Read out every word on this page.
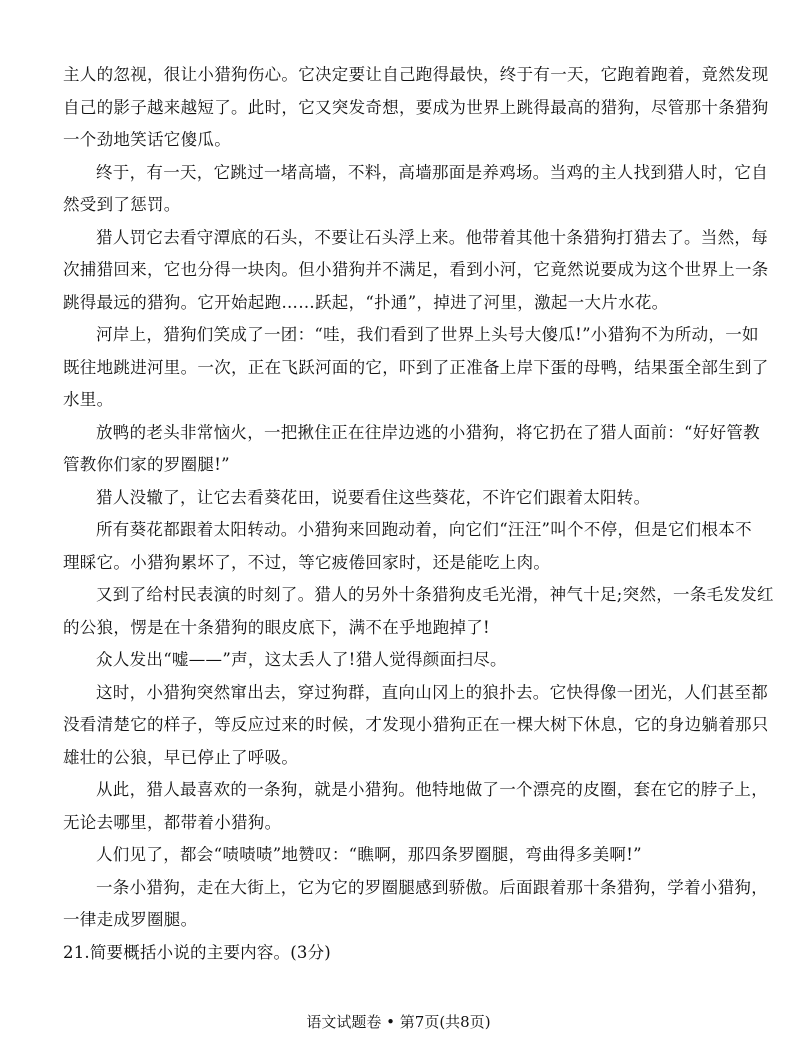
主人的忽视，很让小猎狗伤心。它决定要让自己跑得最快，终于有一天，它跑着跑着，竟然发现
自己的影子越来越短了。此时，它又突发奇想，要成为世界上跳得最高的猎狗，尽管那十条猎狗
一个劲地笑话它傻瓜。

终于，有一天，它跳过一堵高墙，不料，高墙那面是养鸡场。当鸡的主人找到猎人时，它自
然受到了惩罚。

猎人罚它去看守潭底的石头，不要让石头浮上来。他带着其他十条猎狗打猎去了。当然，每
次捕猎回来，它也分得一块肉。但小猎狗并不满足，看到小河，它竟然说要成为这个世界上一条
跳得最远的猎狗。它开始起跑……跃起，“扑通”，掉进了河里，激起一大片水花。

河岸上，猎狗们笑成了一团：“哇，我们看到了世界上头号大傻瓜!”小猎狗不为所动，一如
既往地跳进河里。一次，正在飞跃河面的它，吓到了正准备上岸下蛋的母鸭，结果蛋全部生到了
水里。

放鸭的老头非常恼火，一把揪住正在往岸边逃的小猎狗，将它扔在了猎人面前：“好好管教
管教你们家的罗圈腿!”

猎人没辙了，让它去看葵花田，说要看住这些葵花，不许它们跟着太阳转。

所有葵花都跟着太阳转动。小猎狗来回跑动着，向它们“汪汪”叫个不停，但是它们根本不
理睬它。小猎狗累坏了，不过，等它疲倦回家时，还是能吃上肉。

又到了给村民表演的时刻了。猎人的另外十条猎狗皮毛光滑，神气十足;突然，一条毛发发红
的公狼，愣是在十条猎狗的眼皮底下，满不在乎地跑掉了!

众人发出“嘘——”声，这太丢人了!猎人觉得颜面扫尽。

这时，小猎狗突然窜出去，穿过狗群，直向山冈上的狼扑去。它快得像一团光，人们甚至都
没看清楚它的样子，等反应过来的时候，才发现小猎狗正在一棵大树下休息，它的身边躺着那只
雄壮的公狼，早已停止了呼吸。

从此，猎人最喜欢的一条狗，就是小猎狗。他特地做了一个漂亮的皮圈，套在它的脖子上，
无论去哪里，都带着小猎狗。

人们见了，都会“啧啧啧”地赞叹：“瞧啊，那四条罗圈腿，弯曲得多美啊!”

一条小猎狗，走在大街上，它为它的罗圈腿感到骄傲。后面跟着那十条猎狗，学着小猎狗，
一律走成罗圈腿。

21.简要概括小说的主要内容。(3分)

语文试题卷 • 第7页(共8页)
